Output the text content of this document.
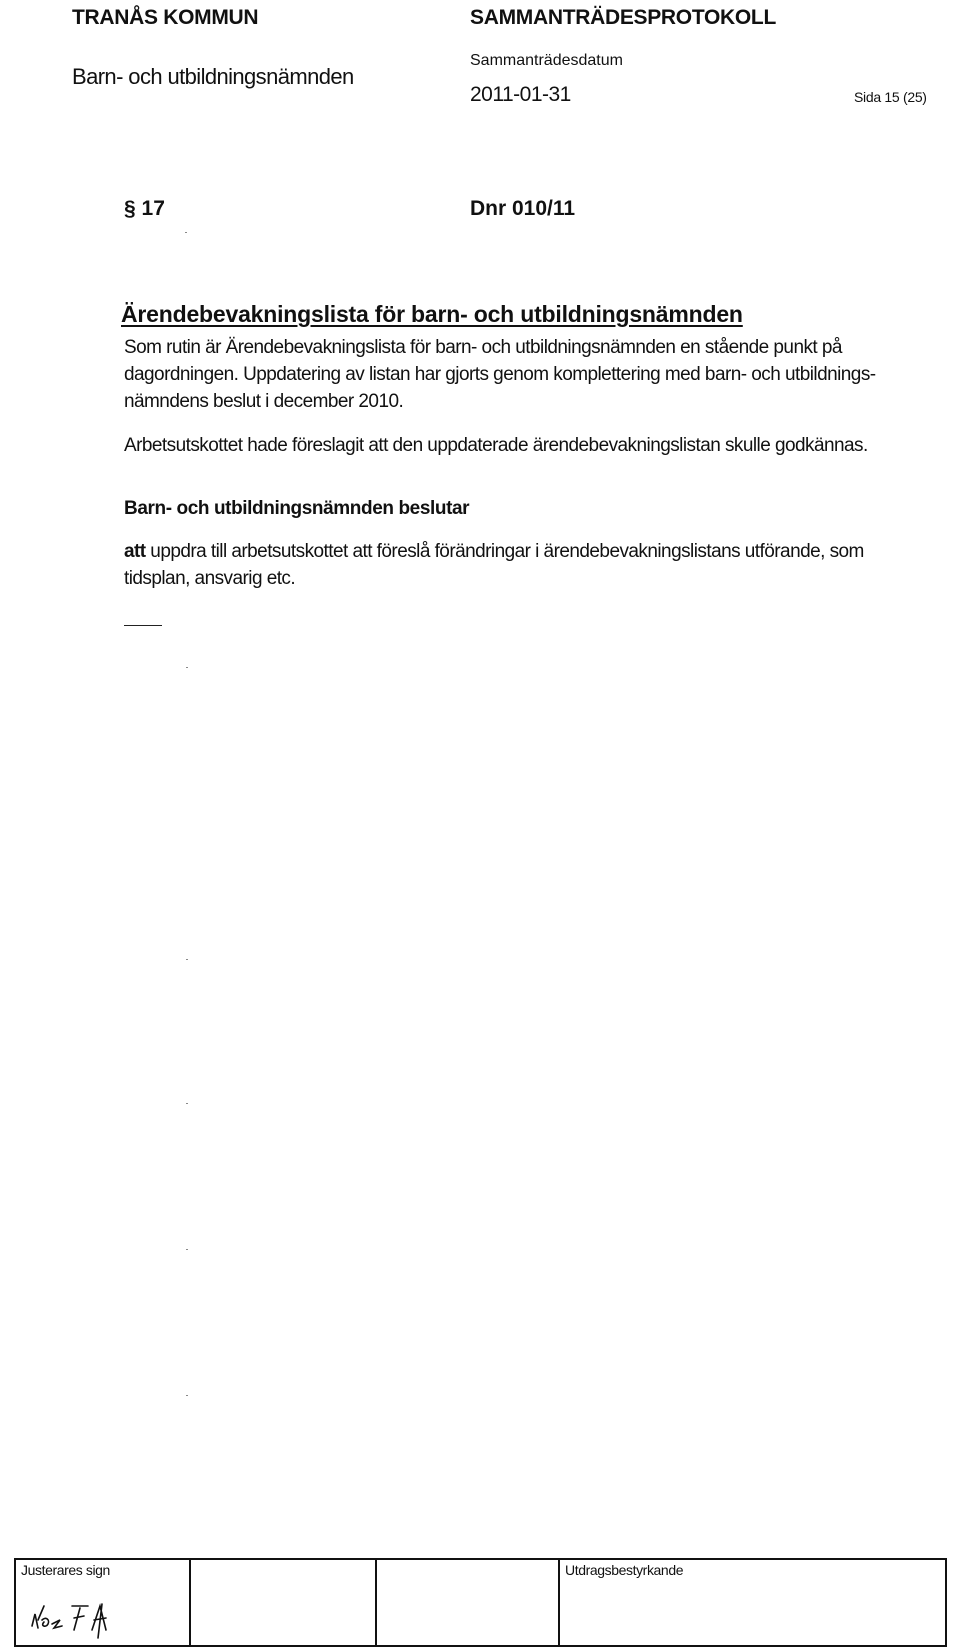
TRANÅS KOMMUN
Barn- och utbildningsnämnden
SAMMANTRÄDESPROTOKOLL
Sammanträdesdatum
2011-01-31	Sida 15 (25)
§ 17	Dnr 010/11
Ärendebevakningslista för barn- och utbildningsnämnden
Som rutin är Ärendebevakningslista för barn- och utbildningsnämnden en stående punkt på dagordningen. Uppdatering av listan har gjorts genom komplettering med barn- och utbildnings-nämndens beslut i december 2010.
Arbetsutskottet hade föreslagit att den uppdaterade ärendebevakningslistan skulle godkännas.
Barn- och utbildningsnämnden beslutar
att uppdra till arbetsutskottet att föreslå förändringar i ärendebevakningslistans utförande, som tidsplan, ansvarig etc.
Justerares sign	Utdragsbestyrkande
